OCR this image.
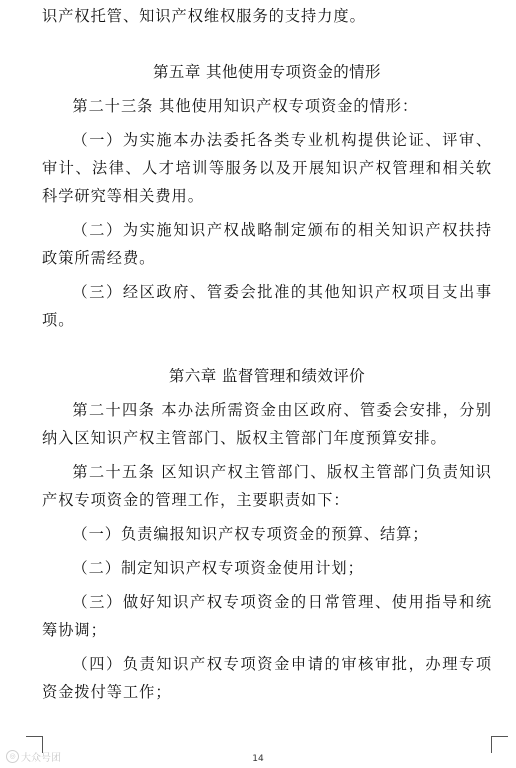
识产权托管、知识产权维权服务的支持力度。

第五章 其他使用专项资金的情形

第二十三条 其他使用知识产权专项资金的情形：

（一）为实施本办法委托各类专业机构提供论证、评审、审计、法律、人才培训等服务以及开展知识产权管理和相关软科学研究等相关费用。

（二）为实施知识产权战略制定颁布的相关知识产权扶持政策所需经费。

（三）经区政府、管委会批准的其他知识产权项目支出事项。

第六章 监督管理和绩效评价

第二十四条 本办法所需资金由区政府、管委会安排，分别纳入区知识产权主管部门、版权主管部门年度预算安排。

第二十五条 区知识产权主管部门、版权主管部门负责知识产权专项资金的管理工作，主要职责如下：

（一）负责编报知识产权专项资金的预算、结算；

（二）制定知识产权专项资金使用计划；

（三）做好知识产权专项资金的日常管理、使用指导和统筹协调；

（四）负责知识产权专项资金申请的审核审批，办理专项资金拨付等工作；

14
◎ 大众号团
